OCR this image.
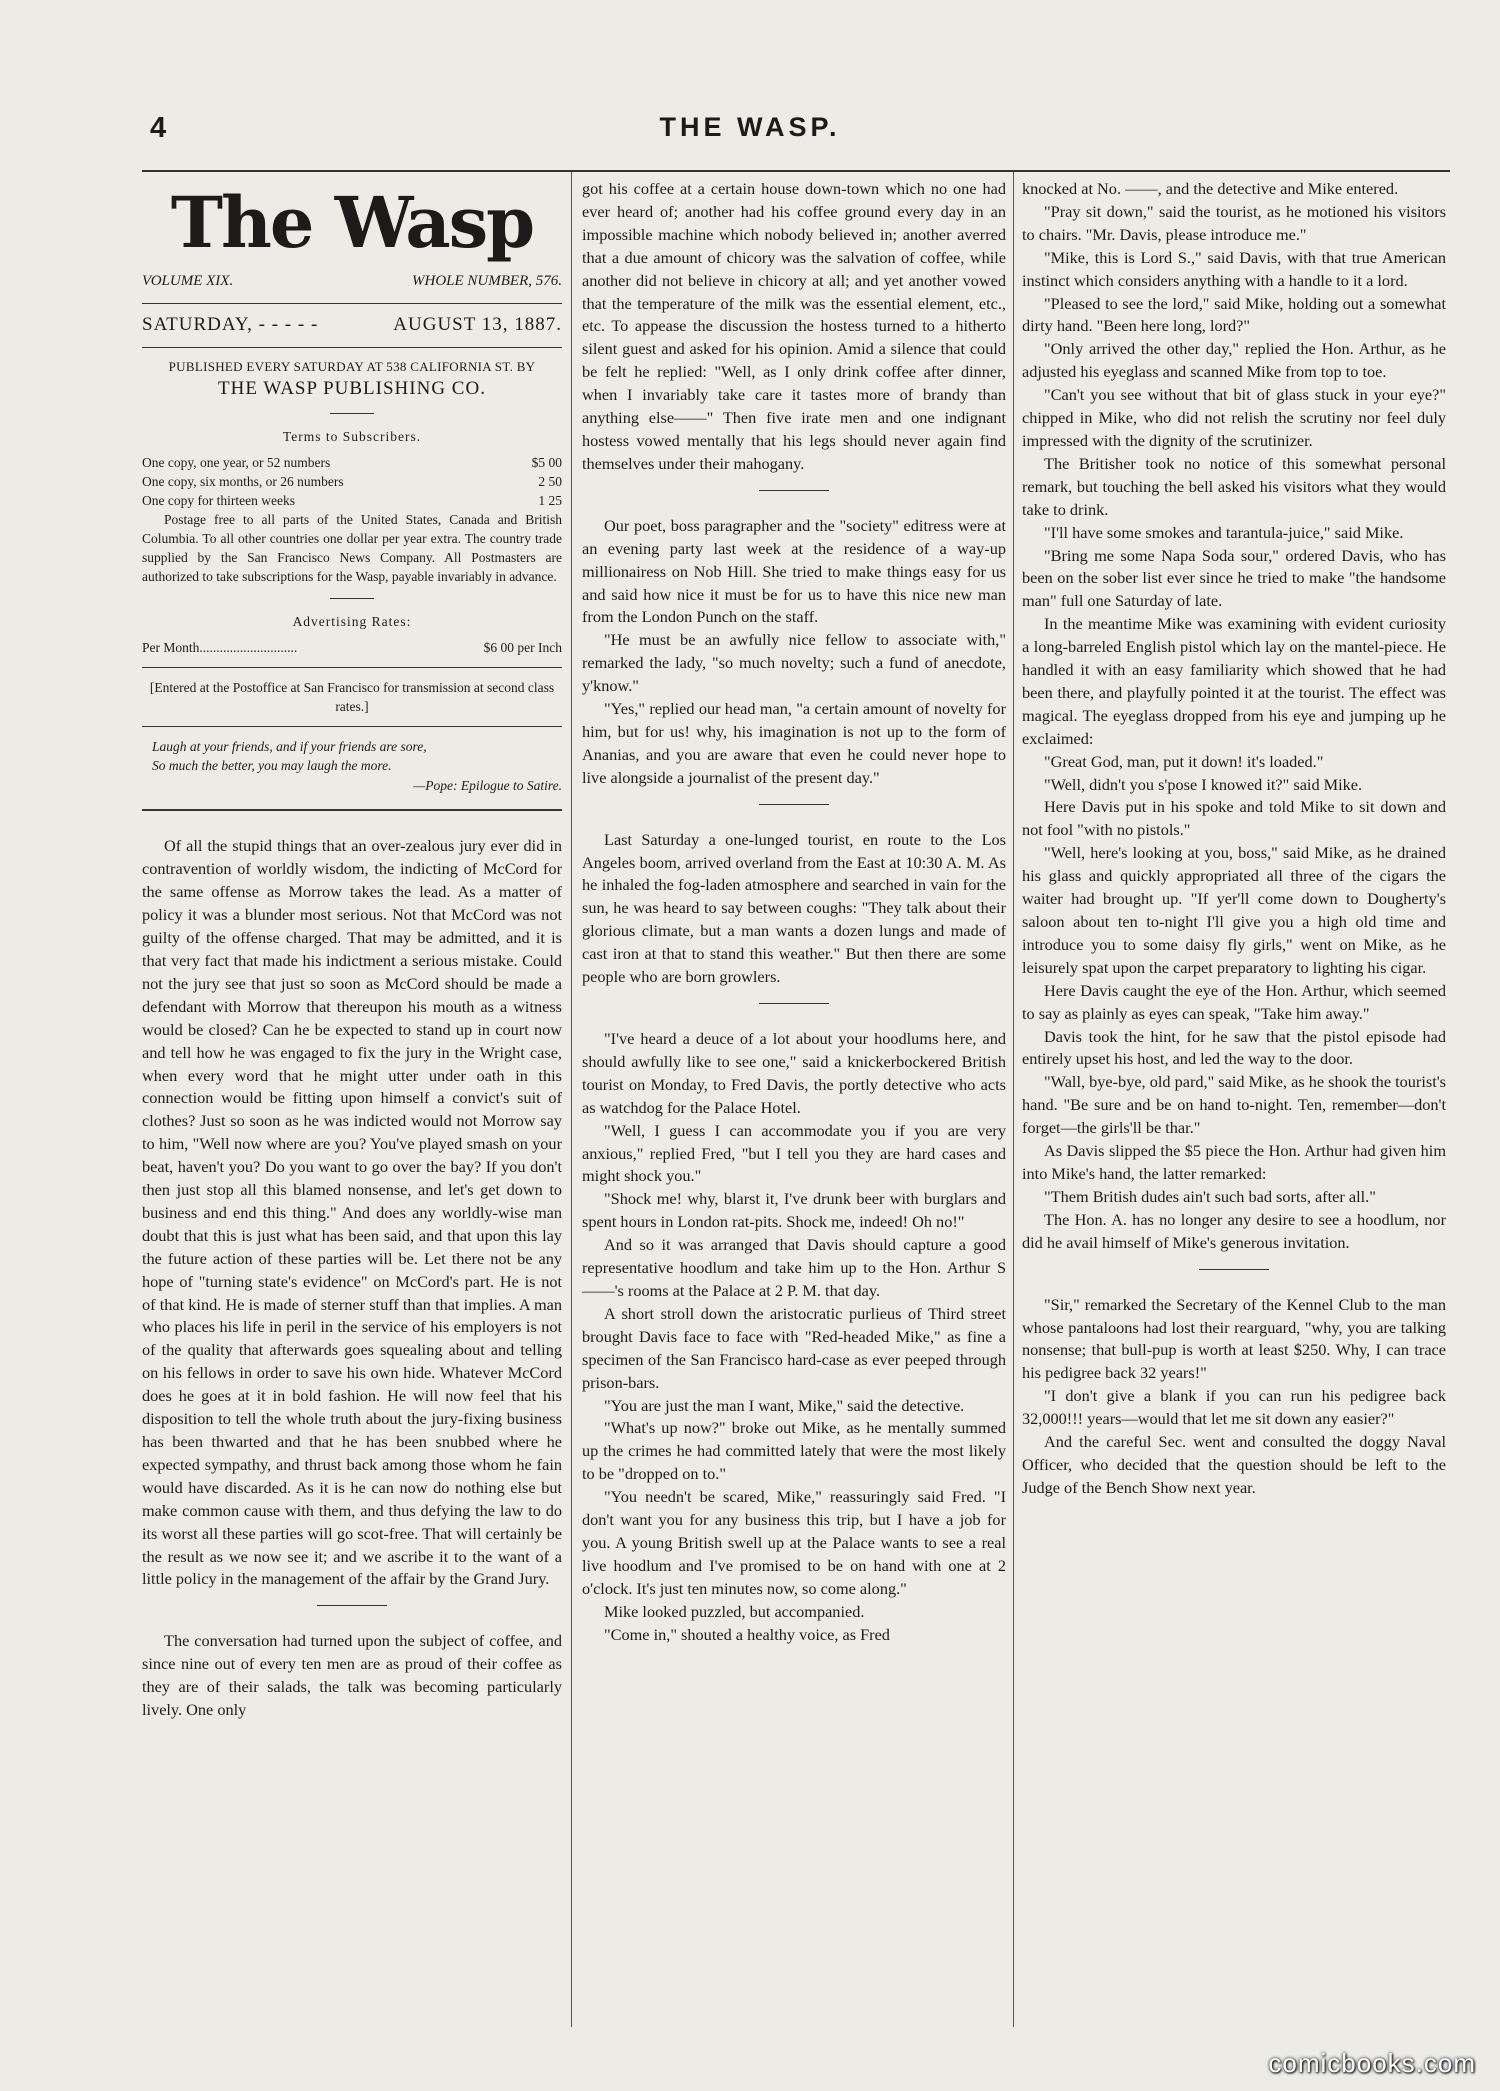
4	THE WASP.
The Wasp
VOLUME XIX.	WHOLE NUMBER, 576.
SATURDAY, - - - - -	AUGUST 13, 1887.
PUBLISHED EVERY SATURDAY AT 538 CALIFORNIA ST. BY
THE WASP PUBLISHING CO.
Terms to Subscribers.
One copy, one year, or 52 numbers	$5 00
One copy, six months, or 26 numbers	2 50
One copy for thirteen weeks	1 25

Postage free to all parts of the United States, Canada and British Columbia. To all other countries one dollar per year extra. The country trade supplied by the San Francisco News Company. All Postmasters are authorized to take subscriptions for the Wasp, payable invariably in advance.

Advertising Rates:
Per Month.............................	$6 00 per Inch
[Entered at the Postoffice at San Francisco for transmission at second class rates.]
Laugh at your friends, and if your friends are sore,
So much the better, you may laugh the more.
—Pope: Epilogue to Satire.

Of all the stupid things that an over-zealous jury ever did in contravention of worldly wisdom, the indicting of McCord for the same offense as Morrow takes the lead. As a matter of policy it was a blunder most serious. Not that McCord was not guilty of the offense charged. That may be admitted, and it is that very fact that made his indictment a serious mistake. Could not the jury see that just so soon as McCord should be made a defendant with Morrow that thereupon his mouth as a witness would be closed? Can he be expected to stand up in court now and tell how he was engaged to fix the jury in the Wright case, when every word that he might utter under oath in this connection would be fitting upon himself a convict's suit of clothes? Just so soon as he was indicted would not Morrow say to him, "Well now where are you? You've played smash on your beat, haven't you? Do you want to go over the bay? If you don't then just stop all this blamed nonsense, and let's get down to business and end this thing." And does any worldly-wise man doubt that this is just what has been said, and that upon this lay the future action of these parties will be. Let there not be any hope of "turning state's evidence" on McCord's part. He is not of that kind. He is made of sterner stuff than that implies. A man who places his life in peril in the service of his employers is not of the quality that afterwards goes squealing about and telling on his fellows in order to save his own hide. Whatever McCord does he goes at it in bold fashion. He will now feel that his disposition to tell the whole truth about the jury-fixing business has been thwarted and that he has been snubbed where he expected sympathy, and thrust back among those whom he fain would have discarded. As it is he can now do nothing else but make common cause with them, and thus defying the law to do its worst all these parties will go scot-free. That will certainly be the result as we now see it; and we ascribe it to the want of a little policy in the management of the affair by the Grand Jury.

The conversation had turned upon the subject of coffee, and since nine out of every ten men are as proud of their coffee as they are of their salads, the talk was becoming particularly lively. One only

got his coffee at a certain house down-town which no one had ever heard of; another had his coffee ground every day in an impossible machine which nobody believed in; another averred that a due amount of chicory was the salvation of coffee, while another did not believe in chicory at all; and yet another vowed that the temperature of the milk was the essential element, etc., etc. To appease the discussion the hostess turned to a hitherto silent guest and asked for his opinion. Amid a silence that could be felt he replied: "Well, as I only drink coffee after dinner, when I invariably take care it tastes more of brandy than anything else——" Then five irate men and one indignant hostess vowed mentally that his legs should never again find themselves under their mahogany.

Our poet, boss paragrapher and the "society" editress were at an evening party last week at the residence of a way-up millionairess on Nob Hill. She tried to make things easy for us and said how nice it must be for us to have this nice new man from the London Punch on the staff.

"He must be an awfully nice fellow to associate with," remarked the lady, "so much novelty; such a fund of anecdote, y'know."

"Yes," replied our head man, "a certain amount of novelty for him, but for us! why, his imagination is not up to the form of Ananias, and you are aware that even he could never hope to live alongside a journalist of the present day."

Last Saturday a one-lunged tourist, en route to the Los Angeles boom, arrived overland from the East at 10:30 A. M. As he inhaled the fog-laden atmosphere and searched in vain for the sun, he was heard to say between coughs: "They talk about their glorious climate, but a man wants a dozen lungs and made of cast iron at that to stand this weather." But then there are some people who are born growlers.

"I've heard a deuce of a lot about your hoodlums here, and should awfully like to see one," said a knickerbockered British tourist on Monday, to Fred Davis, the portly detective who acts as watchdog for the Palace Hotel.

"Well, I guess I can accommodate you if you are very anxious," replied Fred, "but I tell you they are hard cases and might shock you."

"Shock me! why, blarst it, I've drunk beer with burglars and spent hours in London rat-pits. Shock me, indeed! Oh no!"

And so it was arranged that Davis should capture a good representative hoodlum and take him up to the Hon. Arthur S——'s rooms at the Palace at 2 P. M. that day.

A short stroll down the aristocratic purlieus of Third street brought Davis face to face with "Red-headed Mike," as fine a specimen of the San Francisco hard-case as ever peeped through prison-bars.

"You are just the man I want, Mike," said the detective.

"What's up now?" broke out Mike, as he mentally summed up the crimes he had committed lately that were the most likely to be "dropped on to."

"You needn't be scared, Mike," reassuringly said Fred. "I don't want you for any business this trip, but I have a job for you. A young British swell up at the Palace wants to see a real live hoodlum and I've promised to be on hand with one at 2 o'clock. It's just ten minutes now, so come along."

Mike looked puzzled, but accompanied.

"Come in," shouted a healthy voice, as Fred

knocked at No. ——, and the detective and Mike entered.

"Pray sit down," said the tourist, as he motioned his visitors to chairs. "Mr. Davis, please introduce me."

"Mike, this is Lord S.," said Davis, with that true American instinct which considers anything with a handle to it a lord.

"Pleased to see the lord," said Mike, holding out a somewhat dirty hand. "Been here long, lord?"

"Only arrived the other day," replied the Hon. Arthur, as he adjusted his eyeglass and scanned Mike from top to toe.

"Can't you see without that bit of glass stuck in your eye?" chipped in Mike, who did not relish the scrutiny nor feel duly impressed with the dignity of the scrutinizer.

The Britisher took no notice of this somewhat personal remark, but touching the bell asked his visitors what they would take to drink.

"I'll have some smokes and tarantula-juice," said Mike.

"Bring me some Napa Soda sour," ordered Davis, who has been on the sober list ever since he tried to make "the handsome man" full one Saturday of late.

In the meantime Mike was examining with evident curiosity a long-barreled English pistol which lay on the mantel-piece. He handled it with an easy familiarity which showed that he had been there, and playfully pointed it at the tourist. The effect was magical. The eyeglass dropped from his eye and jumping up he exclaimed:

"Great God, man, put it down! it's loaded."

"Well, didn't you s'pose I knowed it?" said Mike.

Here Davis put in his spoke and told Mike to sit down and not fool "with no pistols."

"Well, here's looking at you, boss," said Mike, as he drained his glass and quickly appropriated all three of the cigars the waiter had brought up. "If yer'll come down to Dougherty's saloon about ten to-night I'll give you a high old time and introduce you to some daisy fly girls," went on Mike, as he leisurely spat upon the carpet preparatory to lighting his cigar.

Here Davis caught the eye of the Hon. Arthur, which seemed to say as plainly as eyes can speak, "Take him away."

Davis took the hint, for he saw that the pistol episode had entirely upset his host, and led the way to the door.

"Wall, bye-bye, old pard," said Mike, as he shook the tourist's hand. "Be sure and be on hand to-night. Ten, remember—don't forget—the girls'll be thar."

As Davis slipped the $5 piece the Hon. Arthur had given him into Mike's hand, the latter remarked:

"Them British dudes ain't such bad sorts, after all."

The Hon. A. has no longer any desire to see a hoodlum, nor did he avail himself of Mike's generous invitation.

"Sir," remarked the Secretary of the Kennel Club to the man whose pantaloons had lost their rearguard, "why, you are talking nonsense; that bull-pup is worth at least $250. Why, I can trace his pedigree back 32 years!"

"I don't give a blank if you can run his pedigree back 32,000!!! years—would that let me sit down any easier?"

And the careful Sec. went and consulted the doggy Naval Officer, who decided that the question should be left to the Judge of the Bench Show next year.

comicbooks.com
